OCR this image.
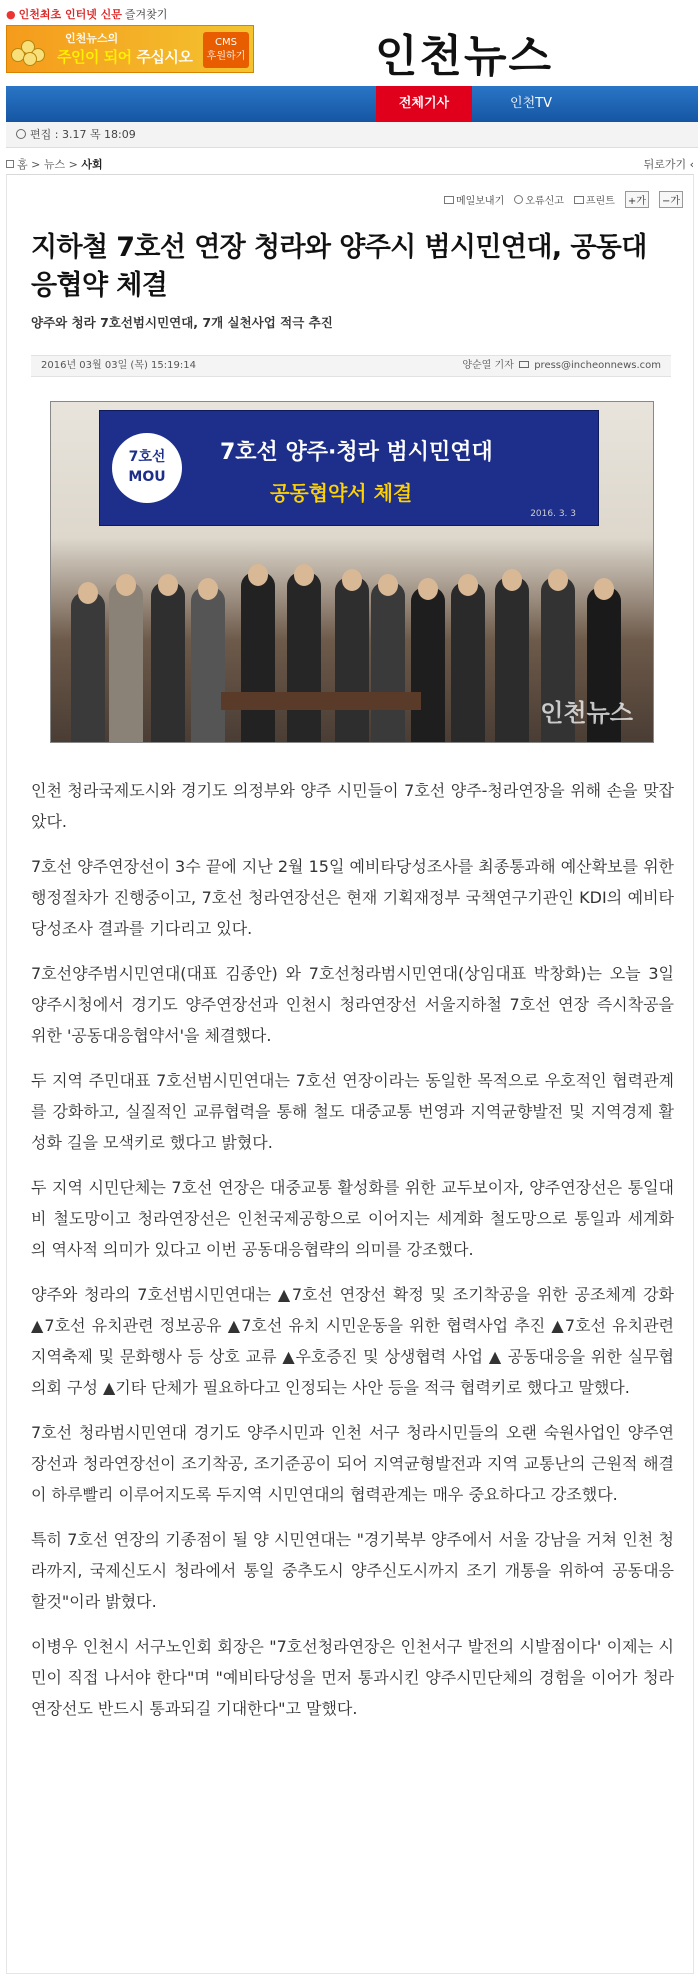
● 인천최초 인터넷 신문 즐겨찾기
인천뉴스의
주인이 되어 주십시오
CMS
후원하기	인천뉴스
전체기사	인천TV
편집 : 3.17 목 18:09
홈 > 뉴스 > 사회	뒤로가기 ‹
메일보내기 오류신고 프린트	+가	−가
지하철 7호선 연장 청라와 양주시 범시민연대, 공동대응협약 체결
양주와 청라 7호선범시민연대, 7개 실천사업 적극 추진
2016년 03월 03일 (목) 15:19:14	양순열 기자 press@incheonnews.com
7호선
MOU
7호선 양주·청라 범시민연대
공동협약서 체결
2016. 3. 3
인천뉴스

인천 청라국제도시와 경기도 의정부와 양주 시민들이 7호선 양주-청라연장을 위해 손을 맞잡았다.

7호선 양주연장선이 3수 끝에 지난 2월 15일 예비타당성조사를 최종통과해 예산확보를 위한 행정절차가 진행중이고, 7호선 청라연장선은 현재 기획재정부 국책연구기관인 KDI의 예비타당성조사 결과를 기다리고 있다.

7호선양주범시민연대(대표 김종안) 와 7호선청라범시민연대(상임대표 박창화)는 오늘 3일 양주시청에서 경기도 양주연장선과 인천시 청라연장선 서울지하철 7호선 연장 즉시착공을 위한 '공동대응협약서'을 체결했다.

두 지역 주민대표 7호선범시민연대는 7호선 연장이라는 동일한 목적으로 우호적인 협력관계를 강화하고, 실질적인 교류협력을 통해 철도 대중교통 번영과 지역균향발전 및 지역경제 활성화 길을 모색키로 했다고 밝혔다.

두 지역 시민단체는 7호선 연장은 대중교통 활성화를 위한 교두보이자, 양주연장선은 통일대비 철도망이고 청라연장선은 인천국제공항으로 이어지는 세계화 철도망으로 통일과 세계화의 역사적 의미가 있다고 이번 공동대응협략의 의미를 강조했다.

양주와 청라의 7호선범시민연대는 ▲7호선 연장선 확정 및 조기착공을 위한 공조체계 강화 ▲7호선 유치관련 정보공유 ▲7호선 유치 시민운동을 위한 협력사업 추진 ▲7호선 유치관련 지역축제 및 문화행사 등 상호 교류 ▲우호증진 및 상생협력 사업 ▲ 공동대응을 위한 실무협의회 구성 ▲기타 단체가 필요하다고 인정되는 사안 등을 적극 협력키로 했다고 말했다.

7호선 청라범시민연대 경기도 양주시민과 인천 서구 청라시민들의 오랜 숙원사업인 양주연장선과 청라연장선이 조기착공, 조기준공이 되어 지역균형발전과 지역 교통난의 근원적 해결이 하루빨리 이루어지도록 두지역 시민연대의 협력관계는 매우 중요하다고 강조했다.

특히 7호선 연장의 기종점이 될 양 시민연대는 "경기북부 양주에서 서울 강남을 거쳐 인천 청라까지, 국제신도시 청라에서 통일 중추도시 양주신도시까지 조기 개통을 위하여 공동대응 할것"이라 밝혔다.

이병우 인천시 서구노인회 회장은 "7호선청라연장은 인천서구 발전의 시발점이다' 이제는 시민이 직접 나서야 한다"며 "예비타당성을 먼저 통과시킨 양주시민단체의 경험을 이어가 청라연장선도 반드시 통과되길 기대한다"고 말했다.
